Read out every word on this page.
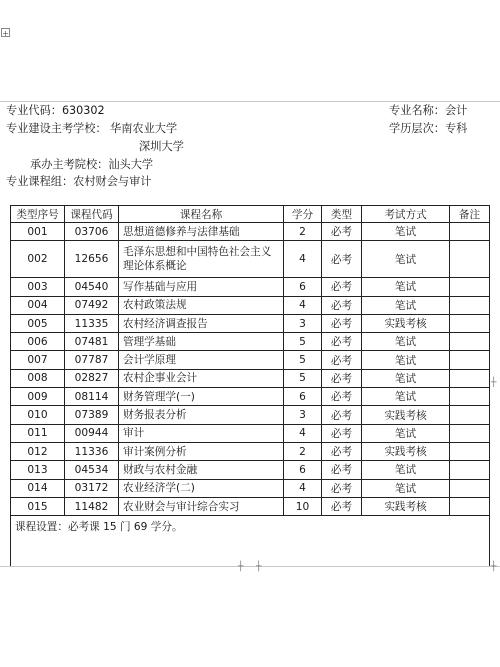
+
专业代码：630302	专业名称：会计
专业建设主考学校： 华南农业大学	学历层次：专科
深圳大学
承办主考院校：汕头大学
专业课程组：农村财会与审计
类型序号	课程代码	课程名称	学分	类型	考试方式	备注
001	03706	思想道德修养与法律基础	2	必考	笔试	
002	12656	毛泽东思想和中国特色社会主义理论体系概论	4	必考	笔试	
003	04540	写作基础与应用	6	必考	笔试	
004	07492	农村政策法规	4	必考	笔试	
005	11335	农村经济调查报告	3	必考	实践考核	
006	07481	管理学基础	5	必考	笔试	
007	07787	会计学原理	5	必考	笔试	
008	02827	农村企事业会计	5	必考	笔试	
009	08114	财务管理学(一)	6	必考	笔试	
010	07389	财务报表分析	3	必考	实践考核	
011	00944	审计	4	必考	笔试	
012	11336	审计案例分析	2	必考	实践考核	
013	04534	财政与农村金融	6	必考	笔试	
014	03172	农业经济学(二)	4	必考	笔试	
015	11482	农业财会与审计综合实习	10	必考	实践考核	
课程设置：必考课 15 门 69 学分。						

┼ ┼
┼
┼
